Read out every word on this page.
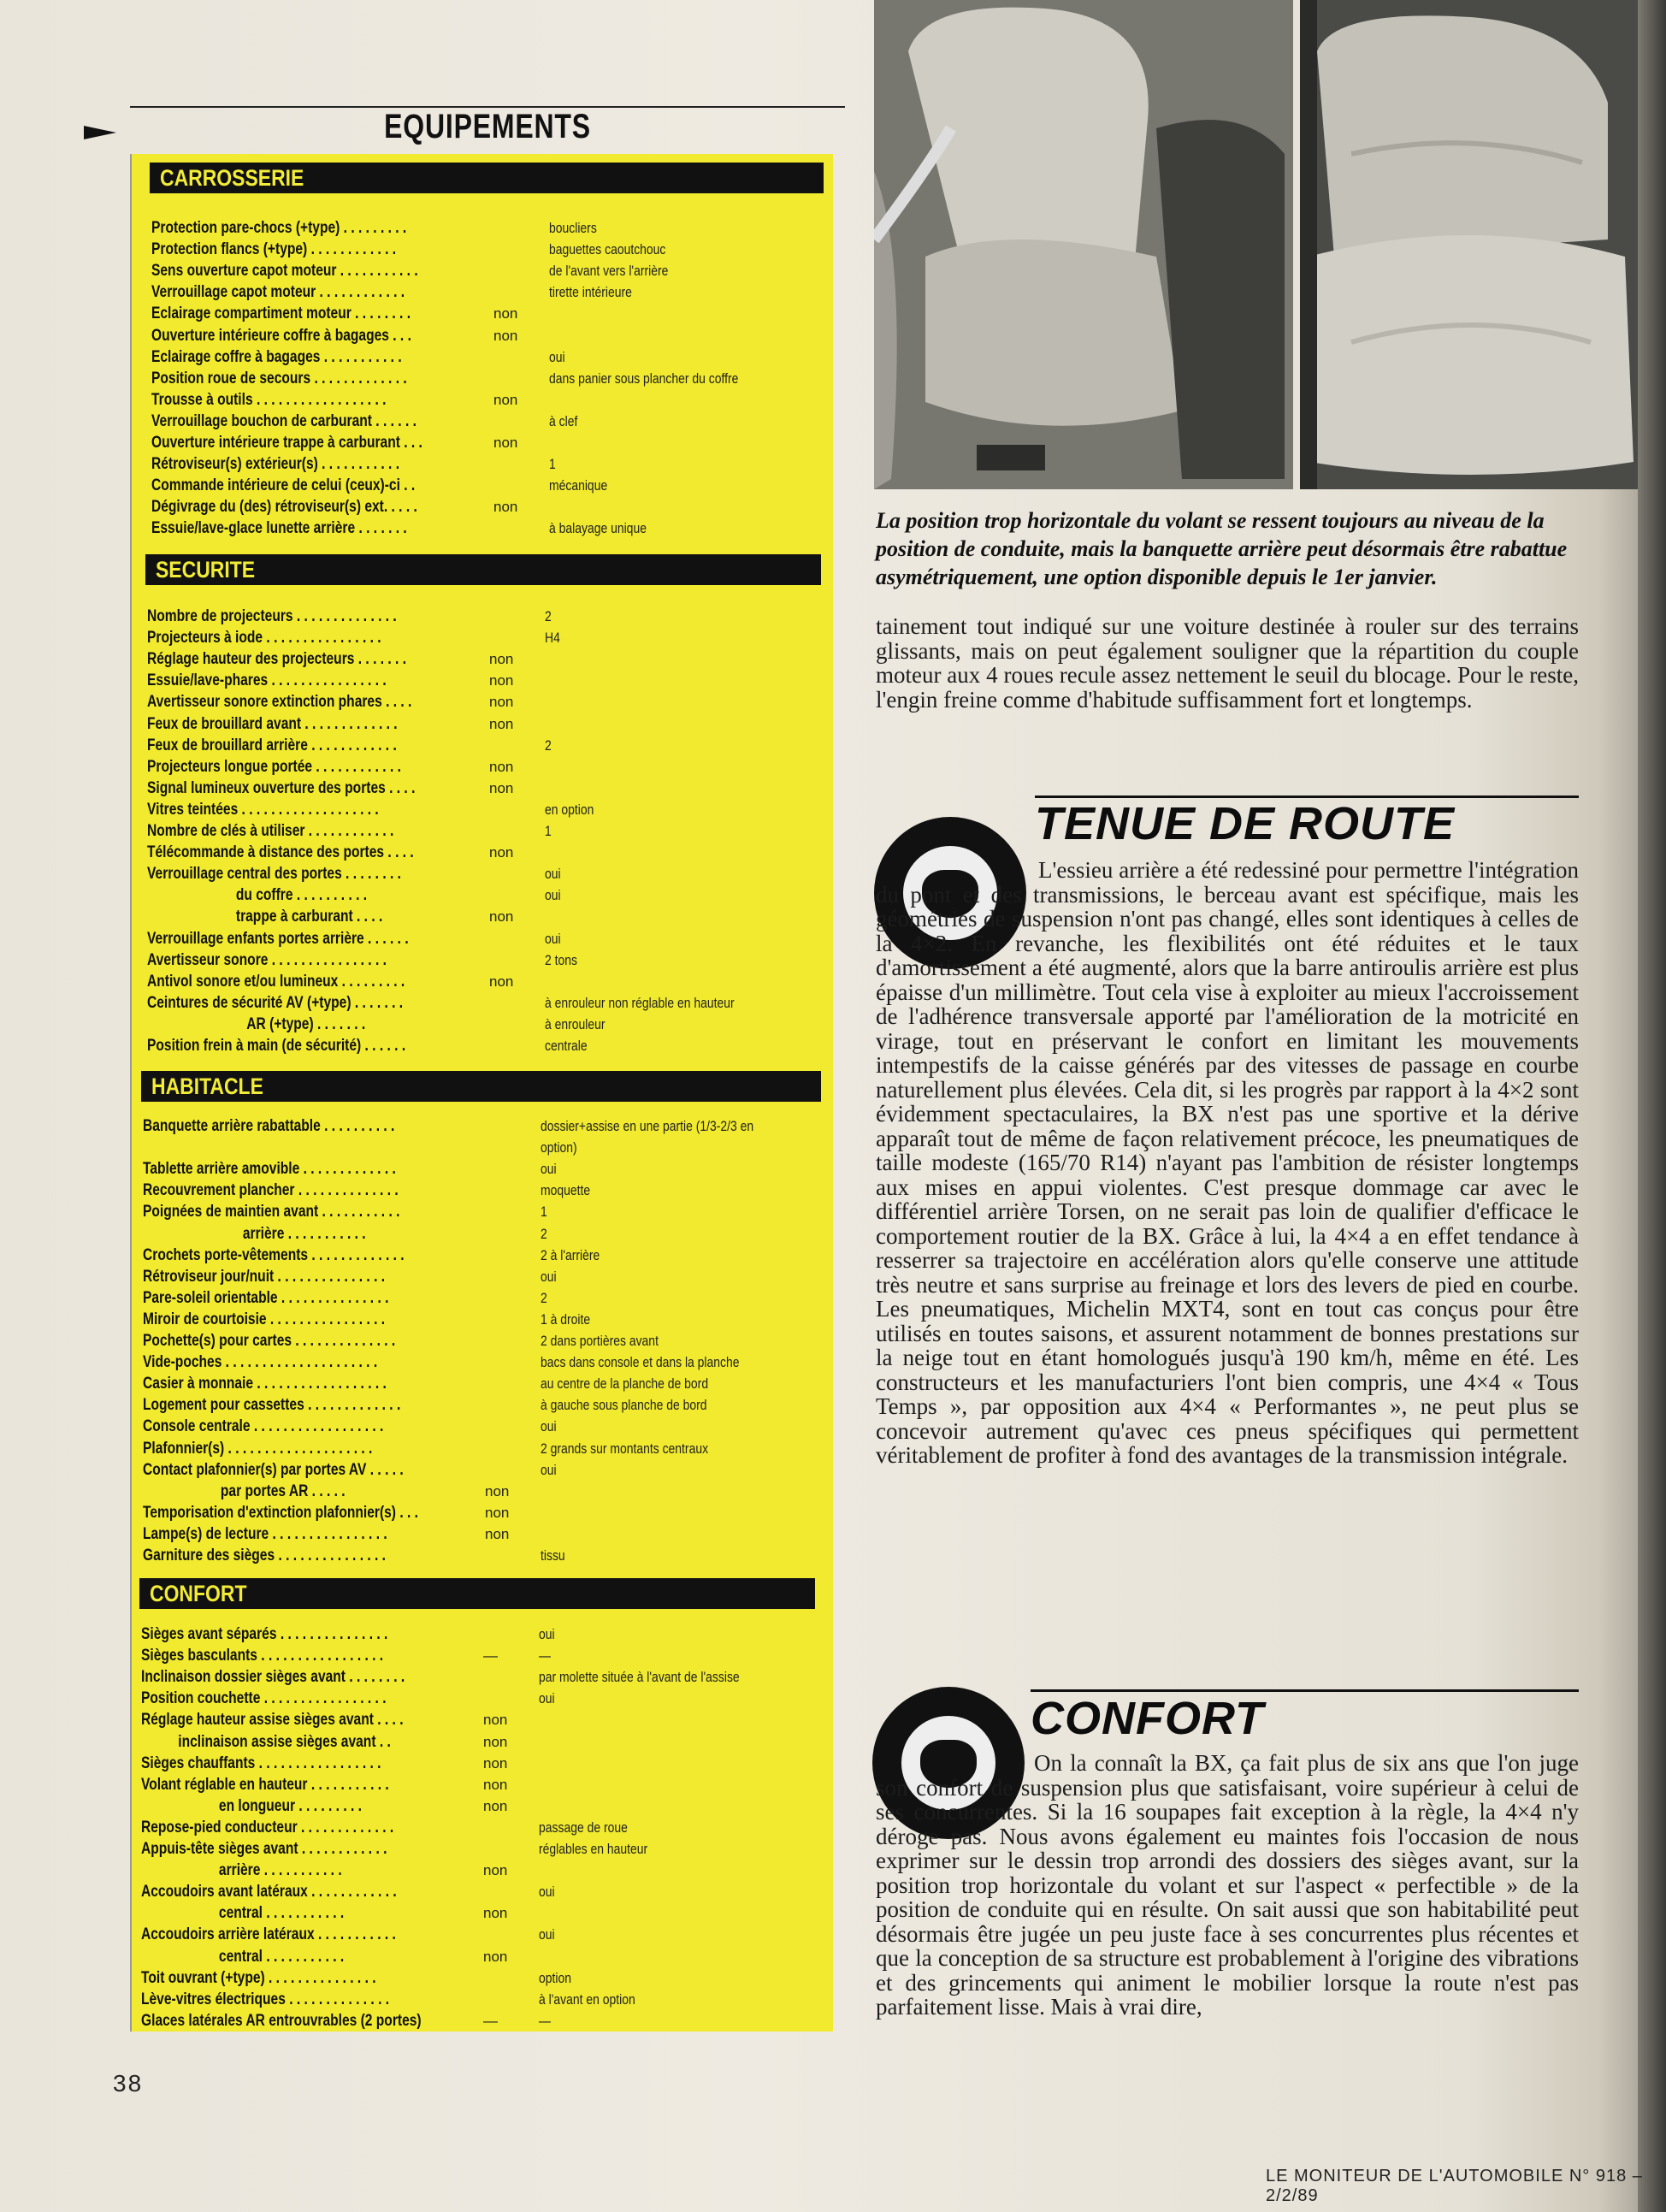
EQUIPEMENTS
CARROSSERIE
Protection pare-chocs (+type) . . . . . . . . .	boucliers
Protection flancs (+type) . . . . . . . . . . . .	baguettes caoutchouc
Sens ouverture capot moteur . . . . . . . . . . .	de l'avant vers l'arrière
Verrouillage capot moteur . . . . . . . . . . . .	tirette intérieure
Eclairage compartiment moteur . . . . . . . .	non
Ouverture intérieure coffre à bagages . . .	non
Eclairage coffre à bagages . . . . . . . . . . .	oui
Position roue de secours . . . . . . . . . . . . .	dans panier sous plancher du coffre
Trousse à outils . . . . . . . . . . . . . . . . . .	non
Verrouillage bouchon de carburant . . . . . .	à clef
Ouverture intérieure trappe à carburant . . .	non
Rétroviseur(s) extérieur(s) . . . . . . . . . . .	1
Commande intérieure de celui (ceux)-ci . .	mécanique
Dégivrage du (des) rétroviseur(s) ext. . . . .	non
Essuie/lave-glace lunette arrière . . . . . . .	à balayage unique
SECURITE
Nombre de projecteurs . . . . . . . . . . . . . .	2
Projecteurs à iode . . . . . . . . . . . . . . . .	H4
Réglage hauteur des projecteurs . . . . . . .	non
Essuie/lave-phares . . . . . . . . . . . . . . . .	non
Avertisseur sonore extinction phares . . . .	non
Feux de brouillard avant . . . . . . . . . . . . .	non
Feux de brouillard arrière . . . . . . . . . . . .	2
Projecteurs longue portée . . . . . . . . . . . .	non
Signal lumineux ouverture des portes . . . .	non
Vitres teintées . . . . . . . . . . . . . . . . . . .	en option
Nombre de clés à utiliser . . . . . . . . . . . .	1
Télécommande à distance des portes . . . .	non
Verrouillage central des portes . . . . . . . .	oui
du coffre . . . . . . . . . .	oui
trappe à carburant . . . .	non
Verrouillage enfants portes arrière . . . . . .	oui
Avertisseur sonore . . . . . . . . . . . . . . . .	2 tons
Antivol sonore et/ou lumineux . . . . . . . . .	non
Ceintures de sécurité AV (+type) . . . . . . .	à enrouleur non réglable en hauteur
AR (+type) . . . . . . .	à enrouleur
Position frein à main (de sécurité) . . . . . .	centrale
HABITACLE
Banquette arrière rabattable . . . . . . . . . .	dossier+assise en une partie (1/3-2/3 en
option)
Tablette arrière amovible . . . . . . . . . . . . .	oui
Recouvrement plancher . . . . . . . . . . . . . .	moquette
Poignées de maintien avant . . . . . . . . . . .	1
arrière . . . . . . . . . . .	2
Crochets porte-vêtements . . . . . . . . . . . . .	2 à l'arrière
Rétroviseur jour/nuit . . . . . . . . . . . . . . .	oui
Pare-soleil orientable . . . . . . . . . . . . . . .	2
Miroir de courtoisie . . . . . . . . . . . . . . . .	1 à droite
Pochette(s) pour cartes . . . . . . . . . . . . . .	2 dans portières avant
Vide-poches . . . . . . . . . . . . . . . . . . . . .	bacs dans console et dans la planche
Casier à monnaie . . . . . . . . . . . . . . . . . .	au centre de la planche de bord
Logement pour cassettes . . . . . . . . . . . . .	à gauche sous planche de bord
Console centrale . . . . . . . . . . . . . . . . . .	oui
Plafonnier(s) . . . . . . . . . . . . . . . . . . . .	2 grands sur montants centraux
Contact plafonnier(s) par portes AV . . . . .	oui
par portes AR . . . . .	non
Temporisation d'extinction plafonnier(s) . . .	non
Lampe(s) de lecture . . . . . . . . . . . . . . . .	non
Garniture des sièges . . . . . . . . . . . . . . .	tissu
CONFORT
Sièges avant séparés . . . . . . . . . . . . . . .	oui
Sièges basculants . . . . . . . . . . . . . . . . .	—	—
Inclinaison dossier sièges avant . . . . . . . .	par molette située à l'avant de l'assise
Position couchette . . . . . . . . . . . . . . . . .	oui
Réglage hauteur assise sièges avant . . . .	non
inclinaison assise sièges avant . .	non
Sièges chauffants . . . . . . . . . . . . . . . . .	non
Volant réglable en hauteur . . . . . . . . . . .	non
en longueur . . . . . . . . .	non
Repose-pied conducteur . . . . . . . . . . . . .	passage de roue
Appuis-tête sièges avant . . . . . . . . . . . .	réglables en hauteur
arrière . . . . . . . . . . .	non
Accoudoirs avant latéraux . . . . . . . . . . . .	oui
central . . . . . . . . . . .	non
Accoudoirs arrière latéraux . . . . . . . . . . .	oui
central . . . . . . . . . . .	non
Toit ouvrant (+type) . . . . . . . . . . . . . . .	option
Lève-vitres électriques . . . . . . . . . . . . . .	à l'avant en option
Glaces latérales AR entrouvrables (2 portes)	—	—
38
La position trop horizontale du volant se ressent toujours au niveau de la position de conduite, mais la banquette arrière peut désormais être rabattue asymétriquement, une option disponible depuis le 1er janvier.
tainement tout indiqué sur une voiture destinée à rouler sur des terrains glissants, mais on peut également souligner que la répartition du couple moteur aux 4 roues recule assez nettement le seuil du blocage. Pour le reste, l'engin freine comme d'habitude suffisamment fort et longtemps.
TENUE DE ROUTE
L'essieu arrière a été redessiné pour permettre l'intégration du pont et des transmissions, le berceau avant est spécifique, mais les géométries de suspension n'ont pas changé, elles sont identiques à celles de la 4×2. En revanche, les flexibilités ont été réduites et le taux d'amortissement a été augmenté, alors que la barre antiroulis arrière est plus épaisse d'un millimètre. Tout cela vise à exploiter au mieux l'accroissement de l'adhérence transversale apporté par l'amélioration de la motricité en virage, tout en préservant le confort en limitant les mouvements intempestifs de la caisse générés par des vitesses de passage en courbe naturellement plus élevées. Cela dit, si les progrès par rapport à la 4×2 sont évidemment spectaculaires, la BX n'est pas une sportive et la dérive apparaît tout de même de façon relativement précoce, les pneumatiques de taille modeste (165/70 R14) n'ayant pas l'ambition de résister longtemps aux mises en appui violentes. C'est presque dommage car avec le différentiel arrière Torsen, on ne serait pas loin de qualifier d'efficace le comportement routier de la BX. Grâce à lui, la 4×4 a en effet tendance à resserrer sa trajectoire en accélération alors qu'elle conserve une attitude très neutre et sans surprise au freinage et lors des levers de pied en courbe. Les pneumatiques, Michelin MXT4, sont en tout cas conçus pour être utilisés en toutes saisons, et assurent notamment de bonnes prestations sur la neige tout en étant homologués jusqu'à 190 km/h, même en été. Les constructeurs et les manufacturiers l'ont bien compris, une 4×4 « Tous Temps », par opposition aux 4×4 « Performantes », ne peut plus se concevoir autrement qu'avec ces pneus spécifiques qui permettent véritablement de profiter à fond des avantages de la transmission intégrale.
CONFORT
On la connaît la BX, ça fait plus de six ans que l'on juge son confort de suspension plus que satisfaisant, voire supérieur à celui de ses concurrentes. Si la 16 soupapes fait exception à la règle, la 4×4 n'y déroge pas. Nous avons également eu maintes fois l'occasion de nous exprimer sur le dessin trop arrondi des dossiers des sièges avant, sur la position trop horizontale du volant et sur l'aspect « perfectible » de la position de conduite qui en résulte. On sait aussi que son habitabilité peut désormais être jugée un peu juste face à ses concurrentes plus récentes et que la conception de sa structure est probablement à l'origine des vibrations et des grincements qui animent le mobilier lorsque la route n'est pas parfaitement lisse. Mais à vrai dire,
LE MONITEUR DE L'AUTOMOBILE N° 918 – 2/2/89
